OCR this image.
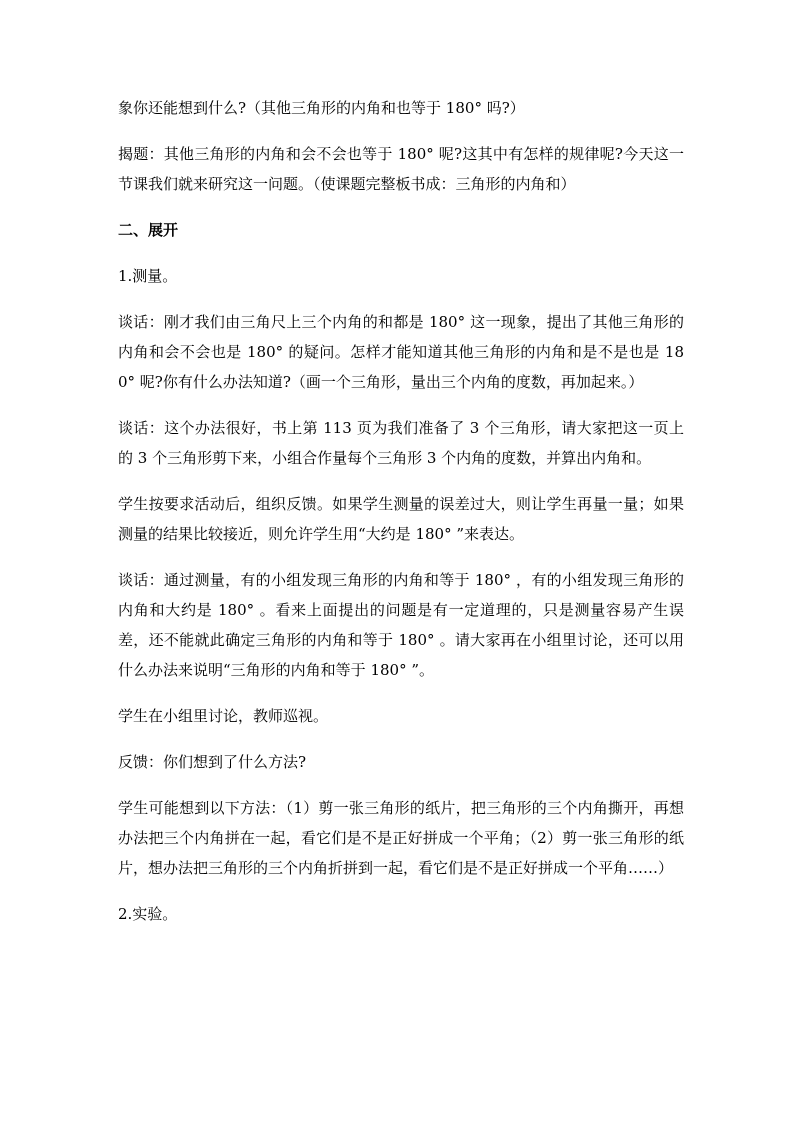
象你还能想到什么?（其他三角形的内角和也等于 180° 吗?）

揭题：其他三角形的内角和会不会也等于 180° 呢?这其中有怎样的规律呢?今天这一节课我们就来研究这一问题。（使课题完整板书成：三角形的内角和）

二、展开

1.测量。

谈话：刚才我们由三角尺上三个内角的和都是 180° 这一现象，提出了其他三角形的内角和会不会也是 180° 的疑问。怎样才能知道其他三角形的内角和是不是也是 180° 呢?你有什么办法知道?（画一个三角形，量出三个内角的度数，再加起来。）

谈话：这个办法很好，书上第 113 页为我们准备了 3 个三角形，请大家把这一页上的 3 个三角形剪下来，小组合作量每个三角形 3 个内角的度数，并算出内角和。

学生按要求活动后，组织反馈。如果学生测量的误差过大，则让学生再量一量；如果测量的结果比较接近，则允许学生用“大约是 180° ”来表达。

谈话：通过测量，有的小组发现三角形的内角和等于 180° ，有的小组发现三角形的内角和大约是 180° 。看来上面提出的问题是有一定道理的，只是测量容易产生误差，还不能就此确定三角形的内角和等于 180° 。请大家再在小组里讨论，还可以用什么办法来说明“三角形的内角和等于 180° ”。

学生在小组里讨论，教师巡视。

反馈：你们想到了什么方法?

学生可能想到以下方法：（1）剪一张三角形的纸片，把三角形的三个内角撕开，再想办法把三个内角拼在一起，看它们是不是正好拼成一个平角；（2）剪一张三角形的纸片，想办法把三角形的三个内角折拼到一起，看它们是不是正好拼成一个平角……）

2.实验。
